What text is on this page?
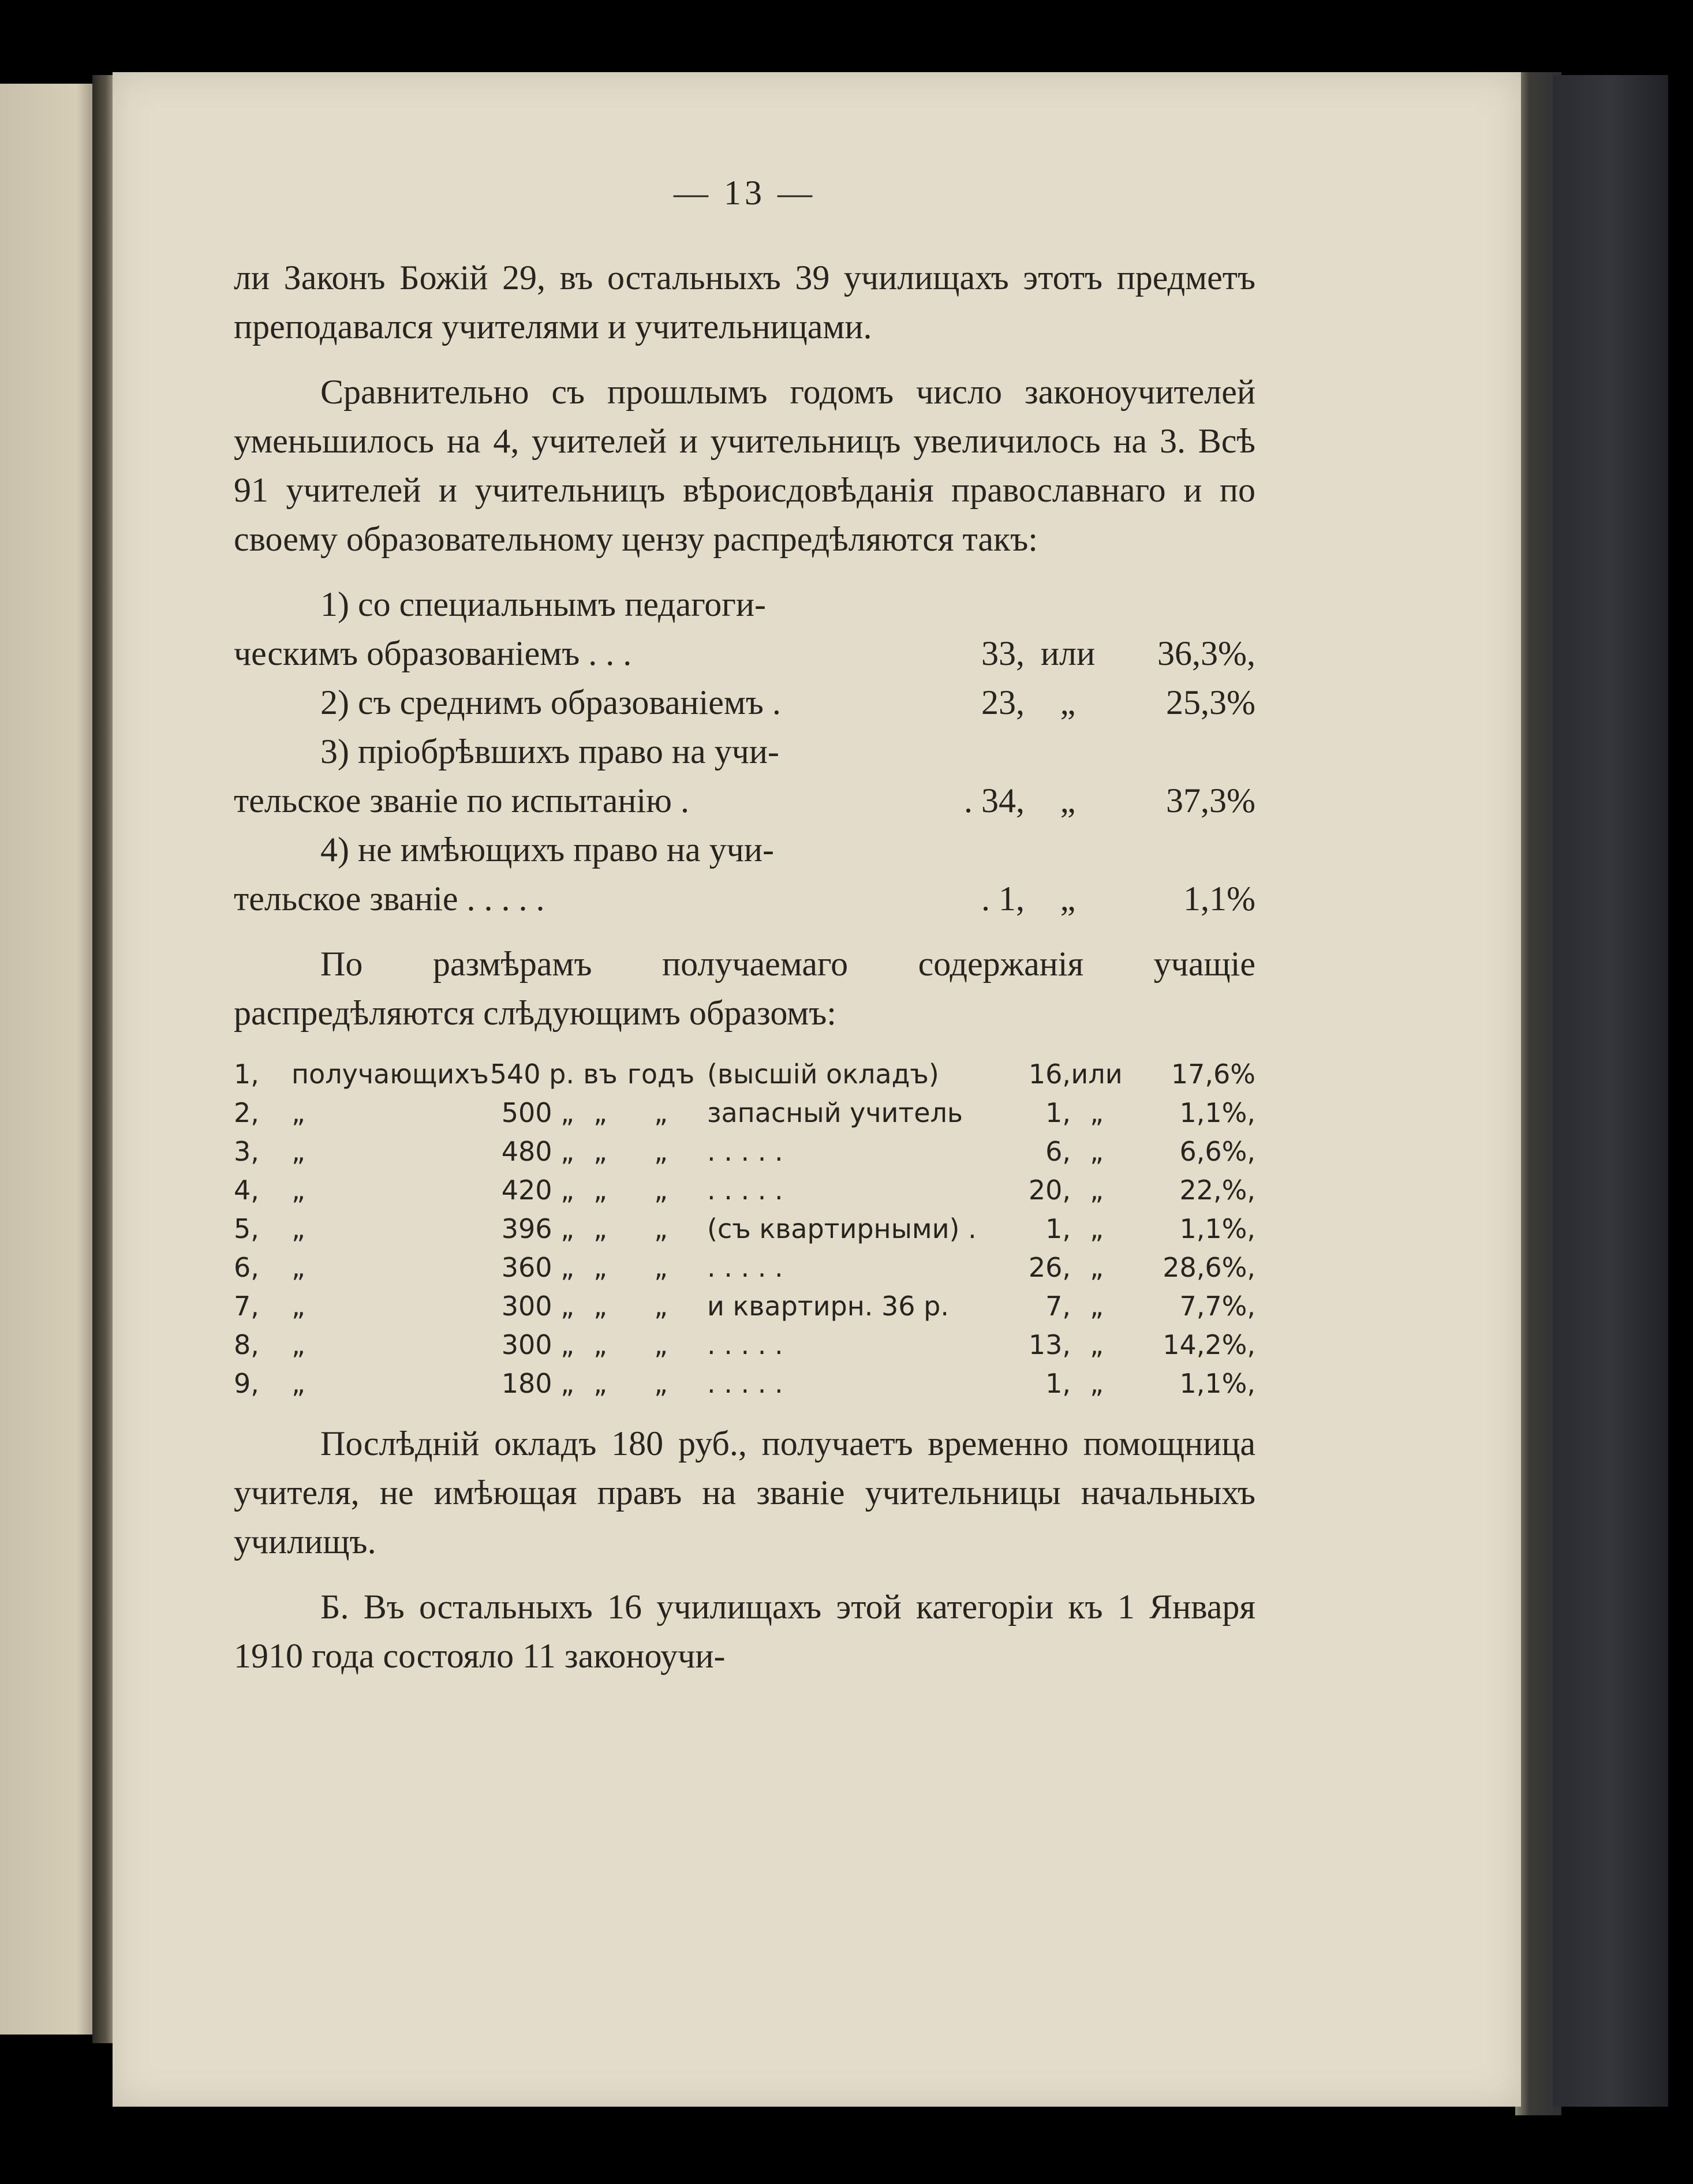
— 13 —

ли Законъ Божій 29, въ остальныхъ 39 училищахъ этотъ предметъ преподавался учителями и учительницами.

Сравнительно съ прошлымъ годомъ число законоучителей уменьшилось на 4, учителей и учительницъ увеличилось на 3. Всѣ 91 учителей и учительницъ вѣроисдовѣданія православнаго и по своему образовательному цензу распредѣляются такъ:

1) со специальнымъ педагоги-
ческимъ образованіемъ . . .	33, или	36,3%,
2) съ среднимъ образованіемъ .	23,	„	25,3%
3) пріобрѣвшихъ право на учи-
тельское званіе по испытанію .	. 34,	„	37,3%
4) не имѣющихъ право на учи-
тельское званіе . . . . .	. 1,	„	1,1%

По размѣрамъ получаемаго содержанія учащіе распредѣляются слѣдующимъ образомъ:

1,	получающихъ 540 р. въ годъ (высшій окладъ)	16, или	17,6%
2,	„	500 „ „	„	запасный учитель	1, „	1,1%,
3,	„	480 „ „	„	. . . . .	6, „	6,6%,
4,	„	420 „ „	„	. . . . .	20, „	22,%,
5,	„	396 „ „	„	(съ квартирными) .	1, „	1,1%,
6,	„	360 „ „	„	. . . . .	26, „	28,6%,
7,	„	300 „ „	„	и квартирн. 36 р.	7, „	7,7%,
8,	„	300 „ „	„	. . . . .	13, „	14,2%,
9,	„	180 „ „	„	. . . . .	1, „	1,1%,

Послѣдній окладъ 180 руб., получаетъ временно помощница учителя, не имѣющая правъ на званіе учительницы начальныхъ училищъ.

Б. Въ остальныхъ 16 училищахъ этой категоріи къ 1 Января 1910 года состояло 11 законоучи-
